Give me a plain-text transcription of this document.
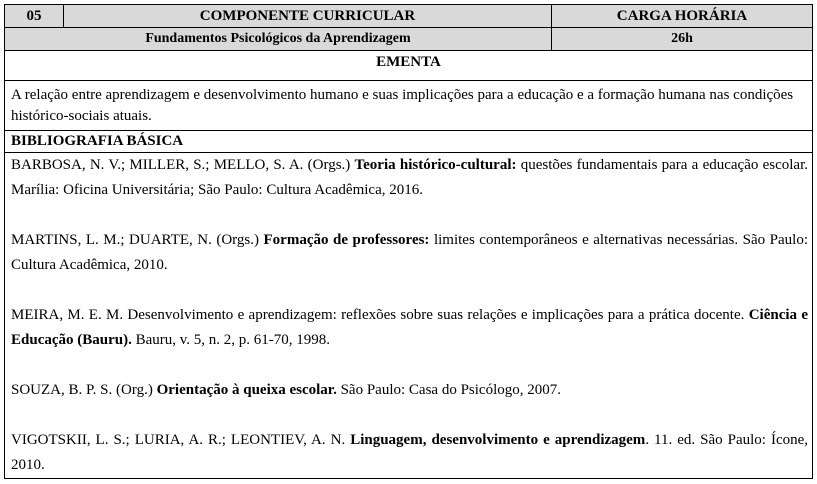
05	COMPONENTE CURRICULAR	CARGA HORÁRIA
Fundamentos Psicológicos da Aprendizagem		26h
EMENTA		
A relação entre aprendizagem e desenvolvimento humano e suas implicações para a educação e a formação humana nas condições histórico-sociais atuais.		
BIBLIOGRAFIA BÁSICA		

BARBOSA, N. V.; MILLER, S.; MELLO, S. A. (Orgs.) Teoria histórico-cultural: questões fundamentais para a educação escolar. Marília: Oficina Universitária; São Paulo: Cultura Acadêmica, 2016.

MARTINS, L. M.; DUARTE, N. (Orgs.) Formação de professores: limites contemporâneos e alternativas necessárias. São Paulo: Cultura Acadêmica, 2010.

MEIRA, M. E. M. Desenvolvimento e aprendizagem: reflexões sobre suas relações e implicações para a prática docente. Ciência e Educação (Bauru). Bauru, v. 5, n. 2, p. 61-70, 1998.

SOUZA, B. P. S. (Org.) Orientação à queixa escolar. São Paulo: Casa do Psicólogo, 2007.

VIGOTSKII, L. S.; LURIA, A. R.; LEONTIEV, A. N. Linguagem, desenvolvimento e aprendizagem. 11. ed. São Paulo: Ícone, 2010.		
